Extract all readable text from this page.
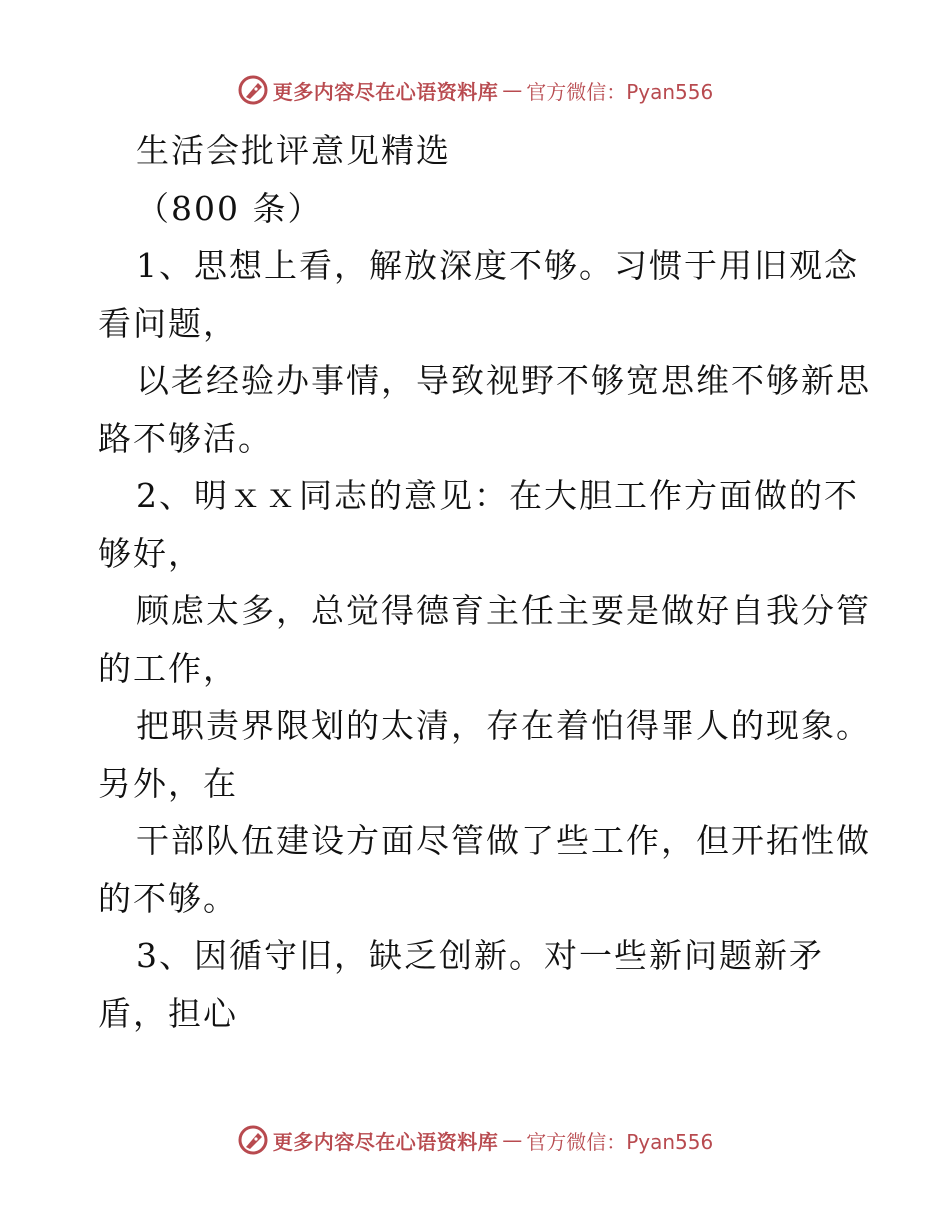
更多内容尽在心语资料库 — 官方微信：Pyan556
生活会批评意见精选
（800 条）
1、思想上看，解放深度不够。习惯于用旧观念
看问题，
以老经验办事情，导致视野不够宽思维不够新思
路不够活。
2、明ｘｘ同志的意见：在大胆工作方面做的不
够好，
顾虑太多，总觉得德育主任主要是做好自我分管
的工作，
把职责界限划的太清，存在着怕得罪人的现象。
另外，在
干部队伍建设方面尽管做了些工作，但开拓性做
的不够。
3、因循守旧，缺乏创新。对一些新问题新矛
盾，担心
更多内容尽在心语资料库 — 官方微信：Pyan556
